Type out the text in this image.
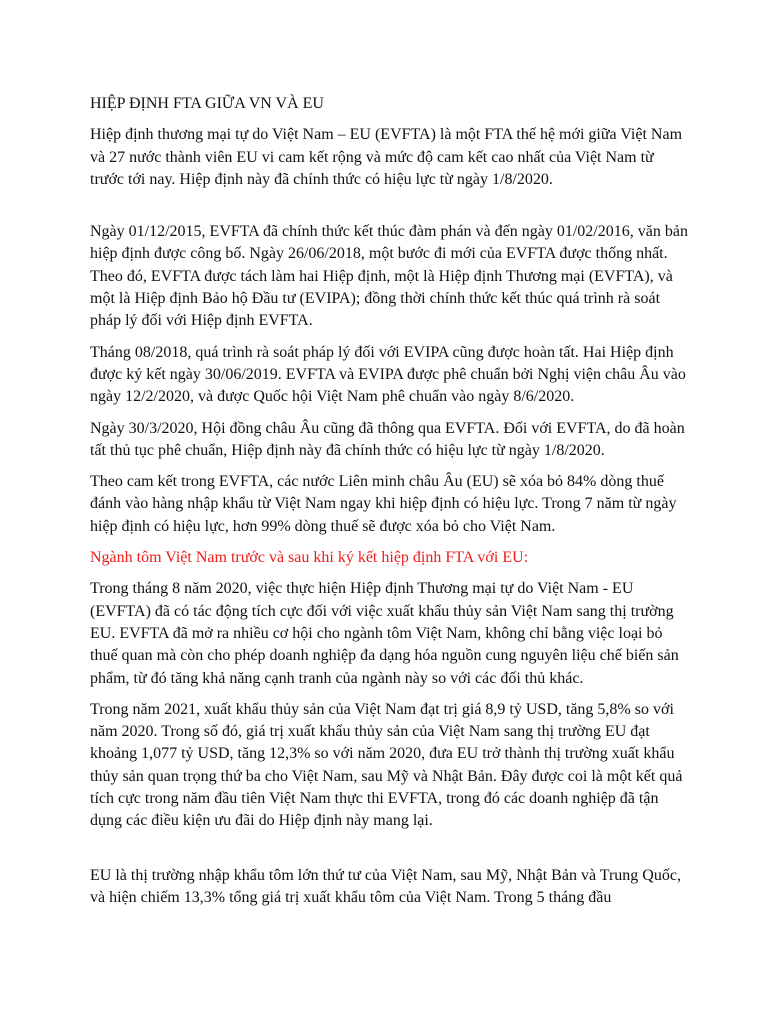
HIỆP ĐỊNH FTA GIỮA VN VÀ EU

Hiệp định thương mại tự do Việt Nam – EU (EVFTA) là một FTA thế hệ mới giữa Việt Nam và 27 nước thành viên EU vi cam kết rộng và mức độ cam kết cao nhất của Việt Nam từ trước tới nay. Hiệp định này đã chính thức có hiệu lực từ ngày 1/8/2020.

Ngày 01/12/2015, EVFTA đã chính thức kết thúc đàm phán và đến ngày 01/02/2016, văn bản hiệp định được công bố. Ngày 26/06/2018, một bước đi mới của EVFTA được thống nhất. Theo đó, EVFTA được tách làm hai Hiệp định, một là Hiệp định Thương mại (EVFTA), và một là Hiệp định Bảo hộ Đầu tư (EVIPA); đồng thời chính thức kết thúc quá trình rà soát pháp lý đối với Hiệp định EVFTA.

Tháng 08/2018, quá trình rà soát pháp lý đối với EVIPA cũng được hoàn tất. Hai Hiệp định được ký kết ngày 30/06/2019. EVFTA và EVIPA được phê chuẩn bởi Nghị viện châu Âu vào ngày 12/2/2020, và được Quốc hội Việt Nam phê chuẩn vào ngày 8/6/2020.

Ngày 30/3/2020, Hội đồng châu Âu cũng đã thông qua EVFTA. Đối với EVFTA, do đã hoàn tất thủ tục phê chuẩn, Hiệp định này đã chính thức có hiệu lực từ ngày 1/8/2020.

Theo cam kết trong EVFTA, các nước Liên minh châu Âu (EU) sẽ xóa bỏ 84% dòng thuế đánh vào hàng nhập khẩu từ Việt Nam ngay khi hiệp định có hiệu lực. Trong 7 năm từ ngày hiệp định có hiệu lực, hơn 99% dòng thuế sẽ được xóa bỏ cho Việt Nam.

Ngành tôm Việt Nam trước và sau khi ký kết hiệp định FTA với EU:

Trong tháng 8 năm 2020, việc thực hiện Hiệp định Thương mại tự do Việt Nam - EU (EVFTA) đã có tác động tích cực đối với việc xuất khẩu thủy sản Việt Nam sang thị trường EU. EVFTA đã mở ra nhiều cơ hội cho ngành tôm Việt Nam, không chỉ bằng việc loại bỏ thuế quan mà còn cho phép doanh nghiệp đa dạng hóa nguồn cung nguyên liệu chế biến sản phẩm, từ đó tăng khả năng cạnh tranh của ngành này so với các đối thủ khác.

Trong năm 2021, xuất khẩu thủy sản của Việt Nam đạt trị giá 8,9 tỷ USD, tăng 5,8% so với năm 2020. Trong số đó, giá trị xuất khẩu thủy sản của Việt Nam sang thị trường EU đạt khoảng 1,077 tỷ USD, tăng 12,3% so với năm 2020, đưa EU trở thành thị trường xuất khẩu thủy sản quan trọng thứ ba cho Việt Nam, sau Mỹ và Nhật Bản. Đây được coi là một kết quả tích cực trong năm đầu tiên Việt Nam thực thi EVFTA, trong đó các doanh nghiệp đã tận dụng các điều kiện ưu đãi do Hiệp định này mang lại.

EU là thị trường nhập khẩu tôm lớn thứ tư của Việt Nam, sau Mỹ, Nhật Bản và Trung Quốc, và hiện chiếm 13,3% tổng giá trị xuất khẩu tôm của Việt Nam. Trong 5 tháng đầu
